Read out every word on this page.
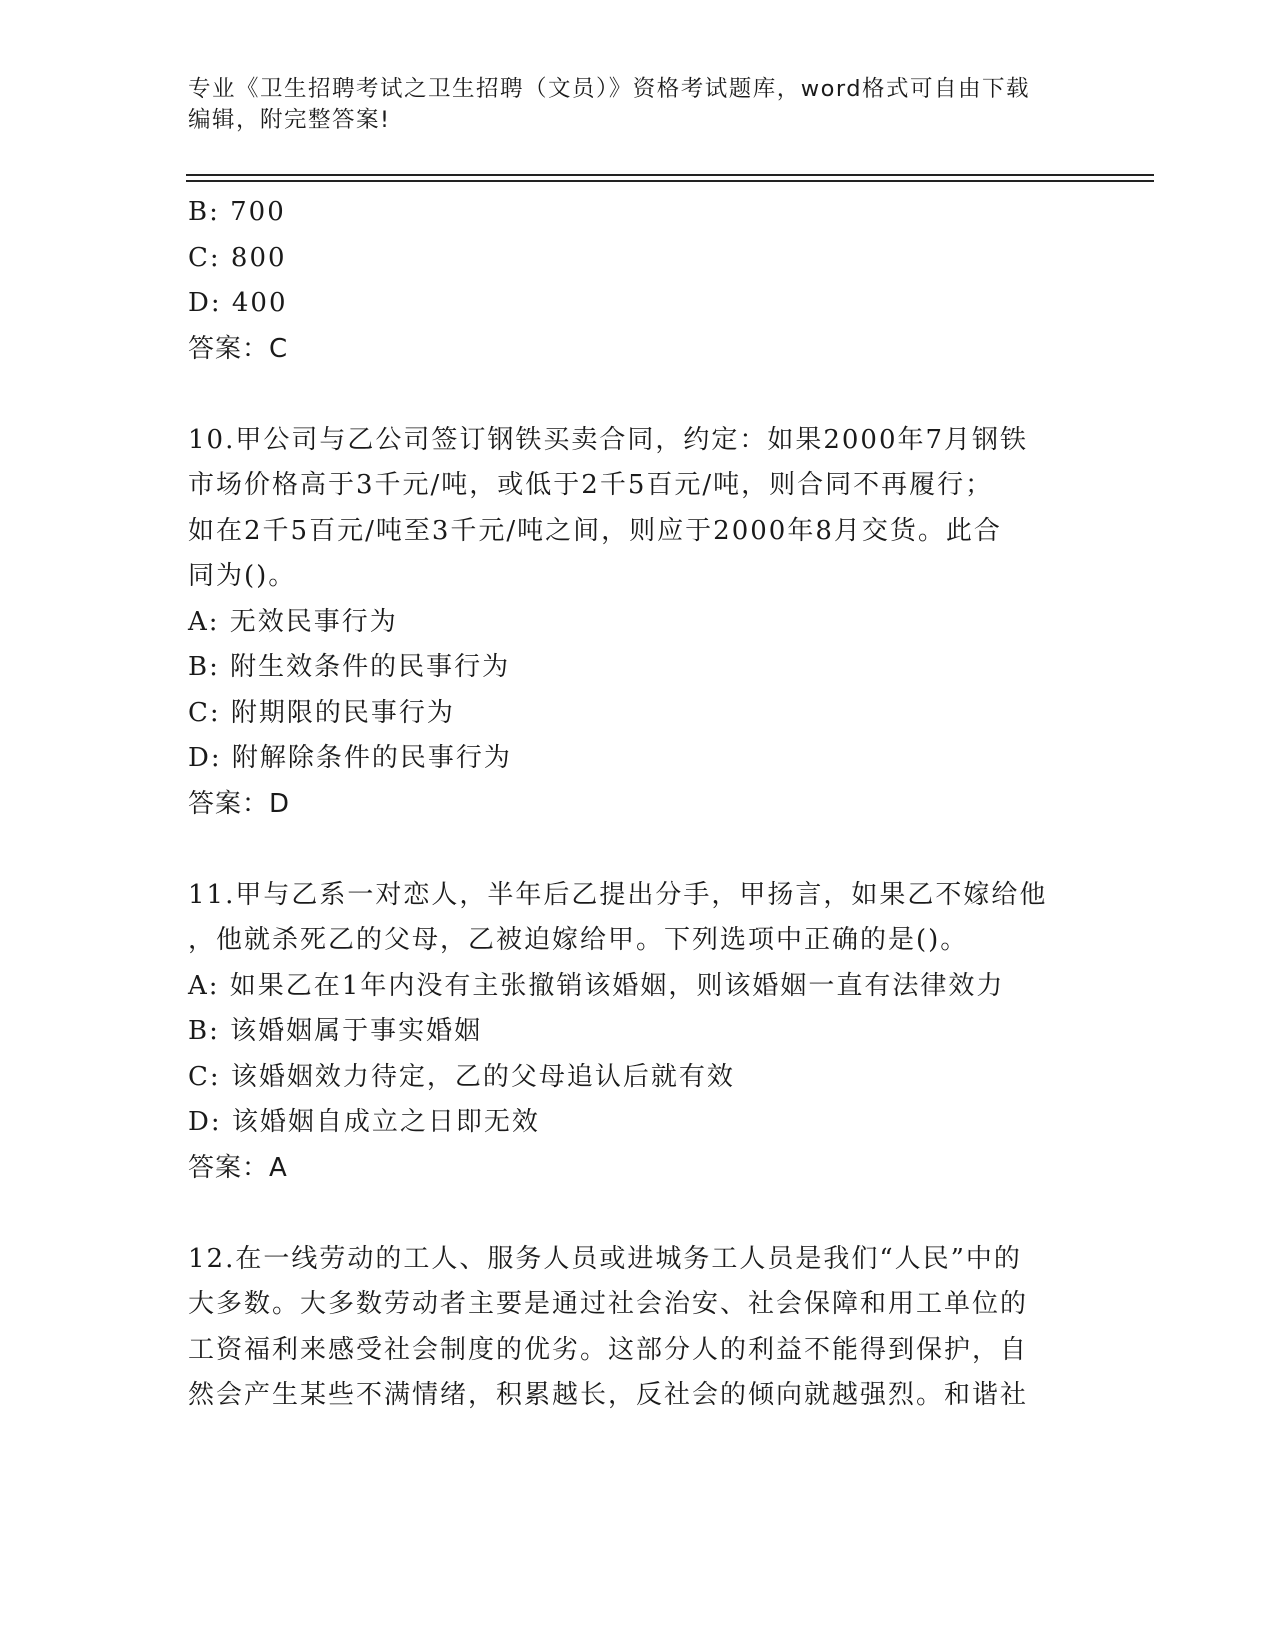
专业《卫生招聘考试之卫生招聘（文员）》资格考试题库，word格式可自由下载
编辑，附完整答案!
B: 700
C: 800
D: 400
答案：C
10.甲公司与乙公司签订钢铁买卖合同，约定：如果2000年7月钢铁
市场价格高于3千元/吨，或低于2千5百元/吨，则合同不再履行；
如在2千5百元/吨至3千元/吨之间，则应于2000年8月交货。此合
同为()。
A: 无效民事行为
B: 附生效条件的民事行为
C: 附期限的民事行为
D: 附解除条件的民事行为
答案：D
11.甲与乙系一对恋人，半年后乙提出分手，甲扬言，如果乙不嫁给他
，他就杀死乙的父母，乙被迫嫁给甲。下列选项中正确的是()。
A: 如果乙在1年内没有主张撤销该婚姻，则该婚姻一直有法律效力
B: 该婚姻属于事实婚姻
C: 该婚姻效力待定，乙的父母追认后就有效
D: 该婚姻自成立之日即无效
答案：A
12.在一线劳动的工人、服务人员或进城务工人员是我们“人民”中的
大多数。大多数劳动者主要是通过社会治安、社会保障和用工单位的
工资福利来感受社会制度的优劣。这部分人的利益不能得到保护，自
然会产生某些不满情绪，积累越长，反社会的倾向就越强烈。和谐社
